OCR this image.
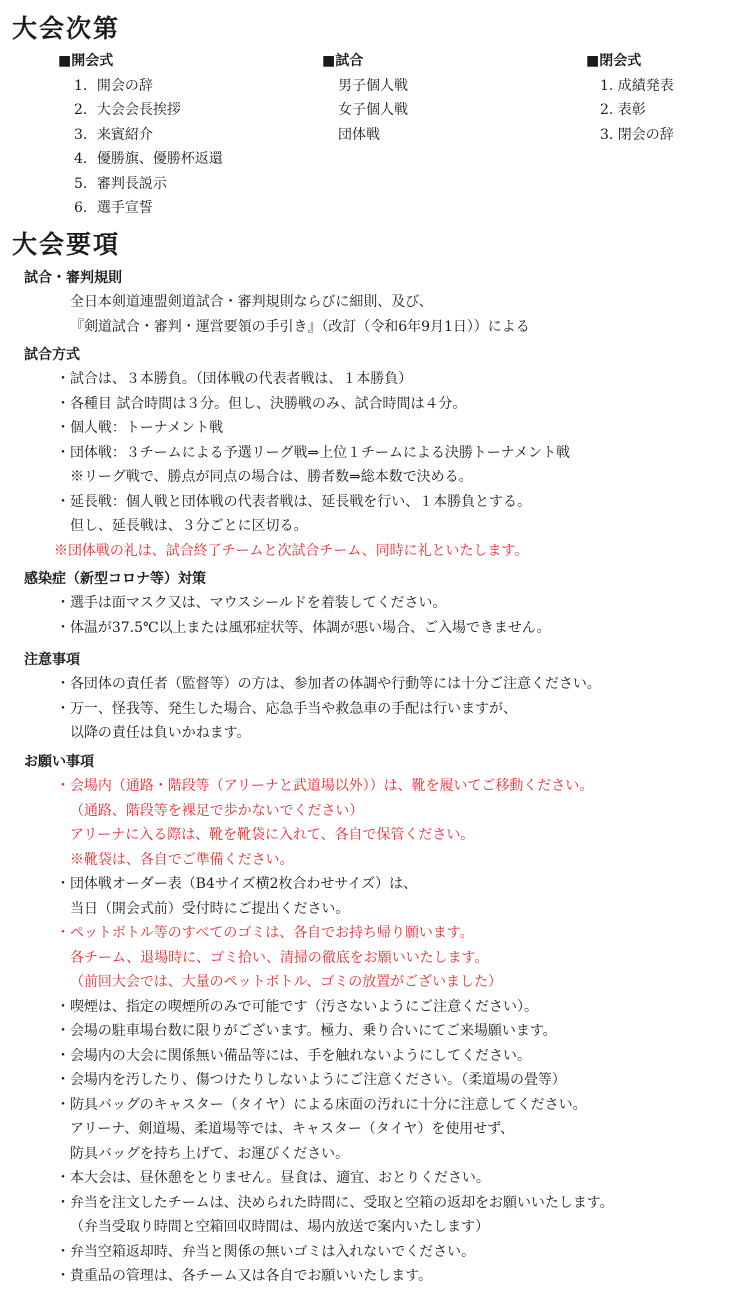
大会次第
■開会式
1．開会の辞
2．大会会長挨拶
3．来賓紹介
4．優勝旗、優勝杯返還
5．審判長説示
6．選手宣誓
■試合
男子個人戦
女子個人戦
団体戦
■閉会式
1. 成績発表
2. 表彰
3. 閉会の辞
大会要項
試合・審判規則
全日本剣道連盟剣道試合・審判規則ならびに細則、及び、
『剣道試合・審判・運営要領の手引き』（改訂（令和6年9月1日））による
試合方式
・ 試合は、３本勝負。（団体戦の代表者戦は、１本勝負）
・ 各種目 試合時間は３分。但し、決勝戦のみ、試合時間は４分。
・ 個人戦：トーナメント戦
・ 団体戦：３チームによる予選リーグ戦⇒上位１チームによる決勝トーナメント戦
※リーグ戦で、勝点が同点の場合は、勝者数⇒総本数で決める。
・ 延長戦：個人戦と団体戦の代表者戦は、延長戦を行い、１本勝負とする。
但し、延長戦は、３分ごとに区切る。
※団体戦の礼は、試合終了チームと次試合チーム、同時に礼といたします。
感染症（新型コロナ等）対策
・ 選手は面マスク又は、マウスシールドを着装してください。
・ 体温が37.5℃以上または風邪症状等、体調が悪い場合、ご入場できません。
注意事項
・ 各団体の責任者（監督等）の方は、参加者の体調や行動等には十分ご注意ください。
・ 万一、怪我等、発生した場合、応急手当や救急車の手配は行いますが、
以降の責任は負いかねます。
お願い事項
・ 会場内（通路・階段等（アリーナと武道場以外））は、靴を履いてご移動ください。
（通路、階段等を裸足で歩かないでください）
アリーナに入る際は、靴を靴袋に入れて、各自で保管ください。
※靴袋は、各自でご準備ください。
・ 団体戦オーダー表（B4サイズ横2枚合わせサイズ）は、
当日（開会式前）受付時にご提出ください。
・ ペットボトル等のすべてのゴミは、各自でお持ち帰り願います。
各チーム、退場時に、ゴミ拾い、清掃の徹底をお願いいたします。
（前回大会では、大量のペットボトル、ゴミの放置がございました）
・ 喫煙は、指定の喫煙所のみで可能です（汚さないようにご注意ください）。
・ 会場の駐車場台数に限りがございます。極力、乗り合いにてご来場願います。
・ 会場内の大会に関係無い備品等には、手を触れないようにしてください。
・ 会場内を汚したり、傷つけたりしないようにご注意ください。（柔道場の畳等）
・ 防具バッグのキャスター（タイヤ）による床面の汚れに十分に注意してください。
アリーナ、剣道場、柔道場等では、キャスター（タイヤ）を使用せず、
防具バッグを持ち上げて、お運びください。
・ 本大会は、昼休憩をとりません。昼食は、適宜、おとりください。
・ 弁当を注文したチームは、決められた時間に、受取と空箱の返却をお願いいたします。
（弁当受取り時間と空箱回収時間は、場内放送で案内いたします）
・ 弁当空箱返却時、弁当と関係の無いゴミは入れないでください。
・ 貴重品の管理は、各チーム又は各自でお願いいたします。
